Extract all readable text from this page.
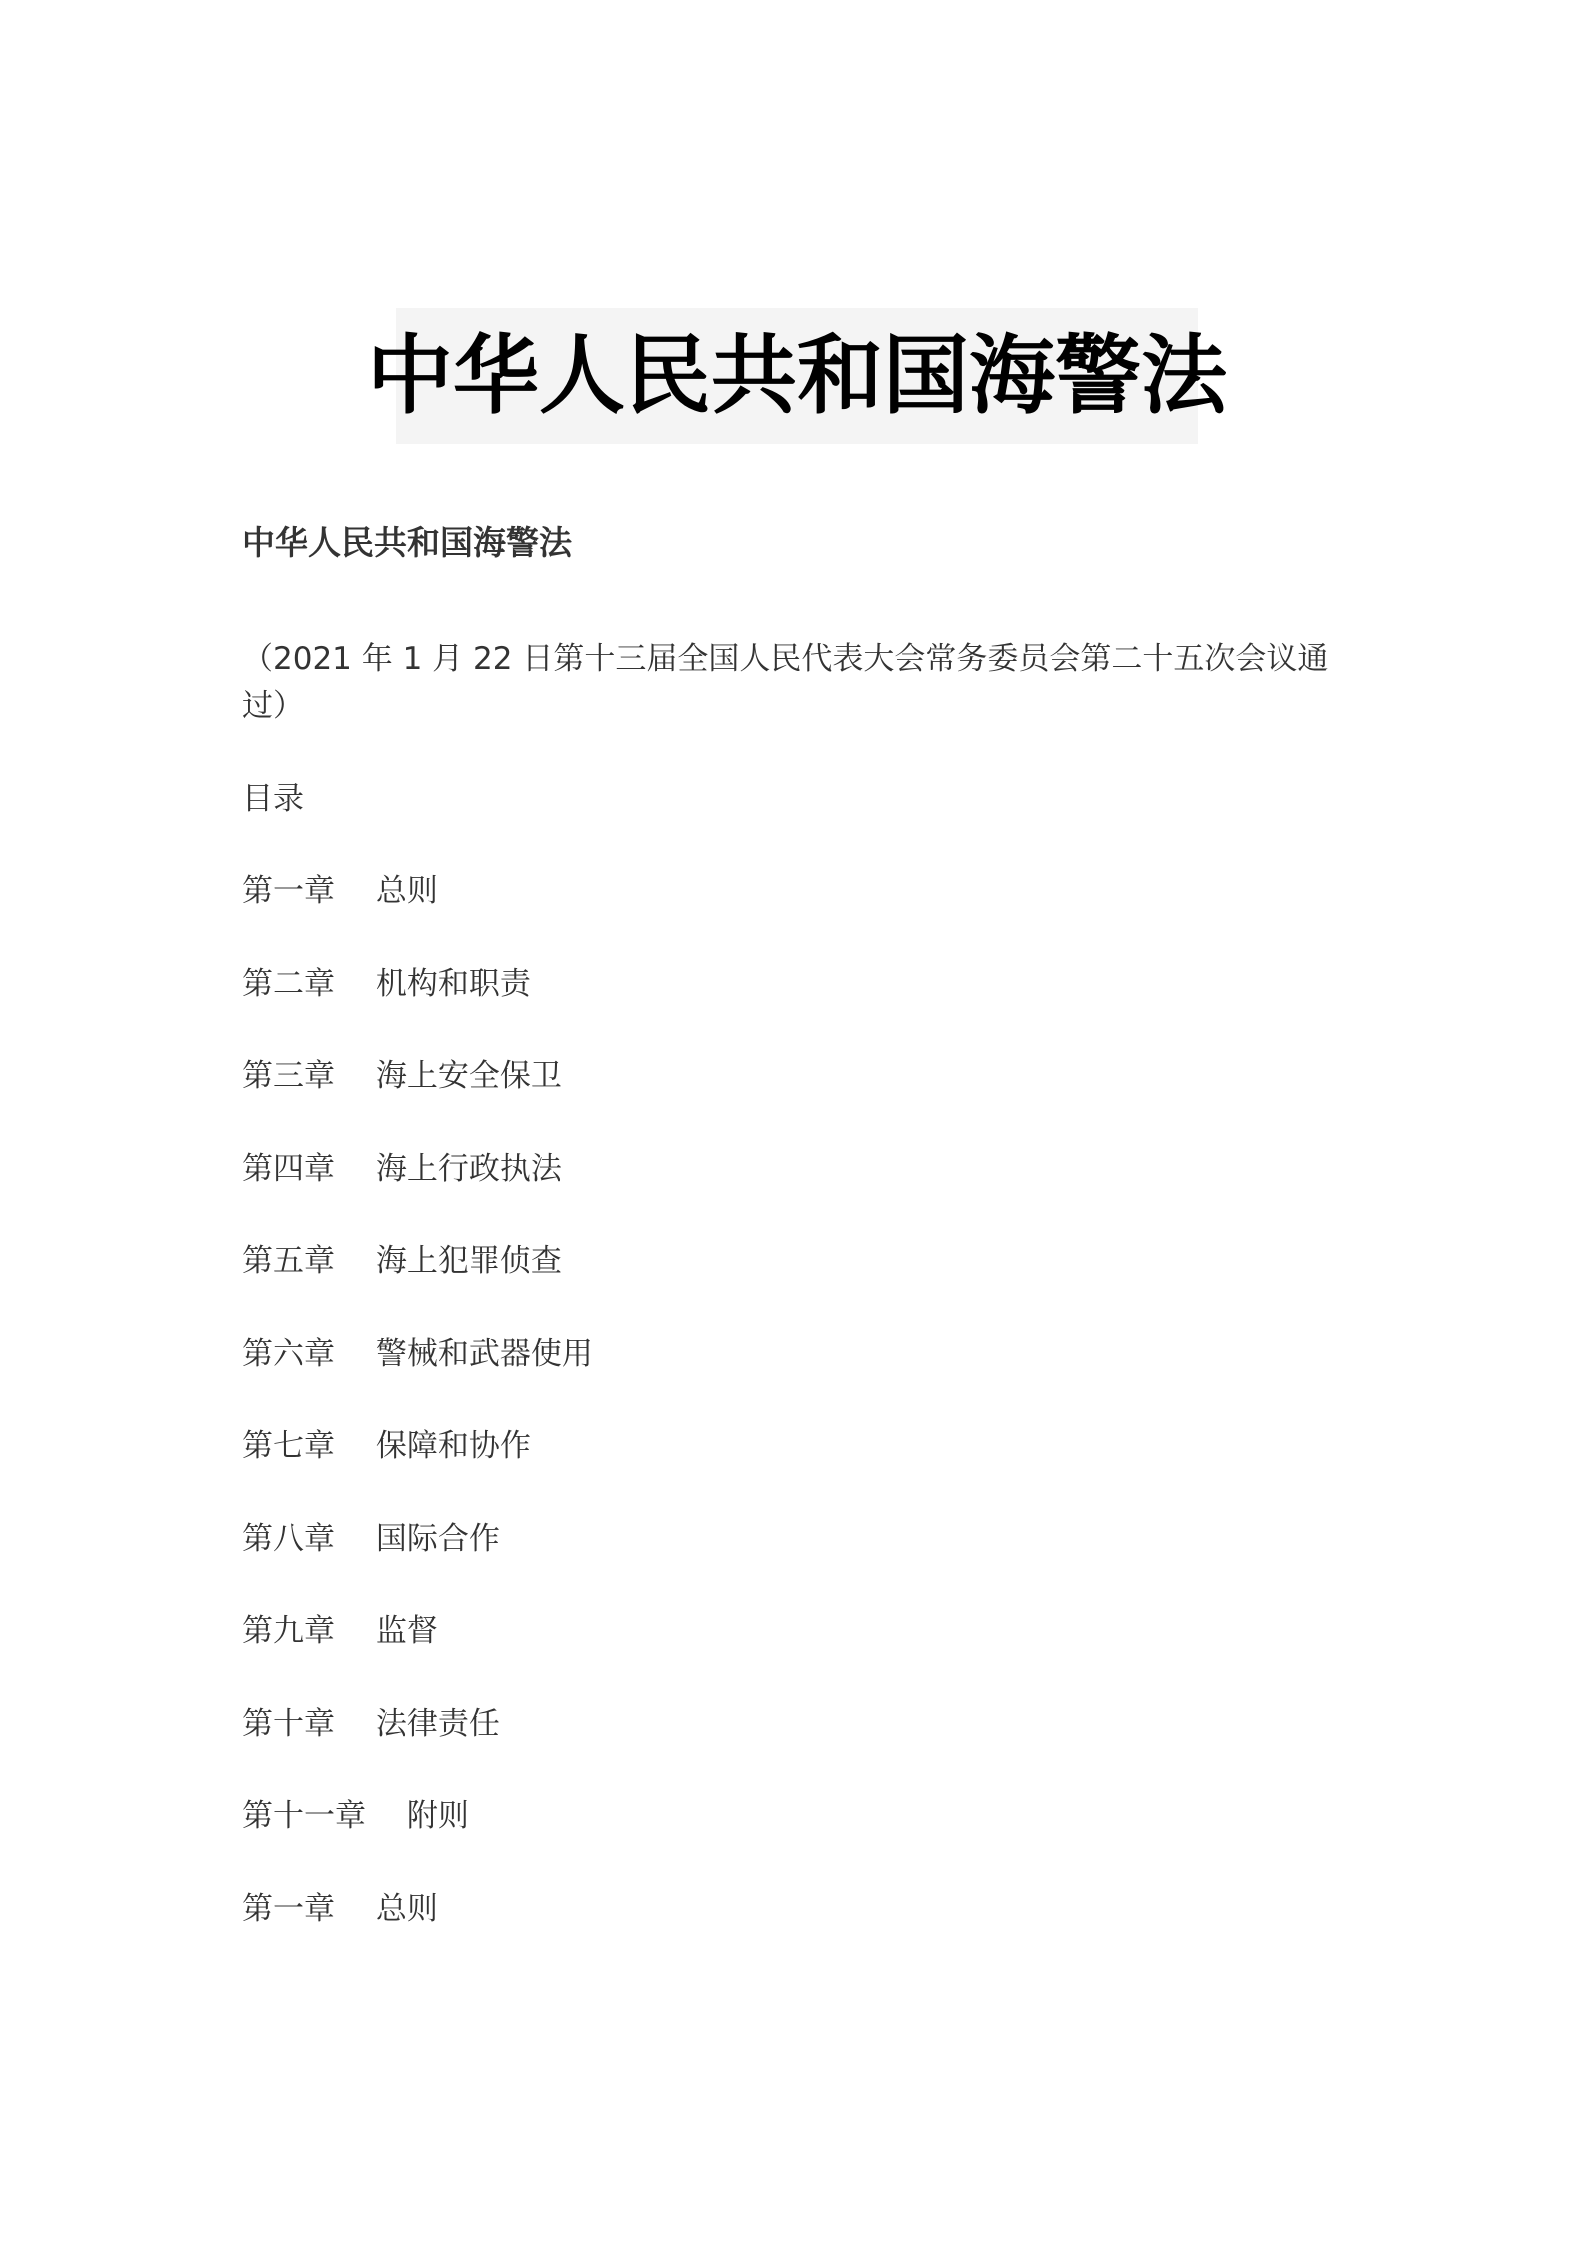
中华人民共和国海警法
中华人民共和国海警法

（2021 年 1 月 22 日第十三届全国人民代表大会常务委员会第二十五次会议通过）

目录

第一章　 总则
第二章　 机构和职责
第三章　 海上安全保卫
第四章　 海上行政执法
第五章　 海上犯罪侦查
第六章　 警械和武器使用
第七章　 保障和协作
第八章　 国际合作
第九章　 监督
第十章　 法律责任
第十一章　 附则

第一章　 总则
